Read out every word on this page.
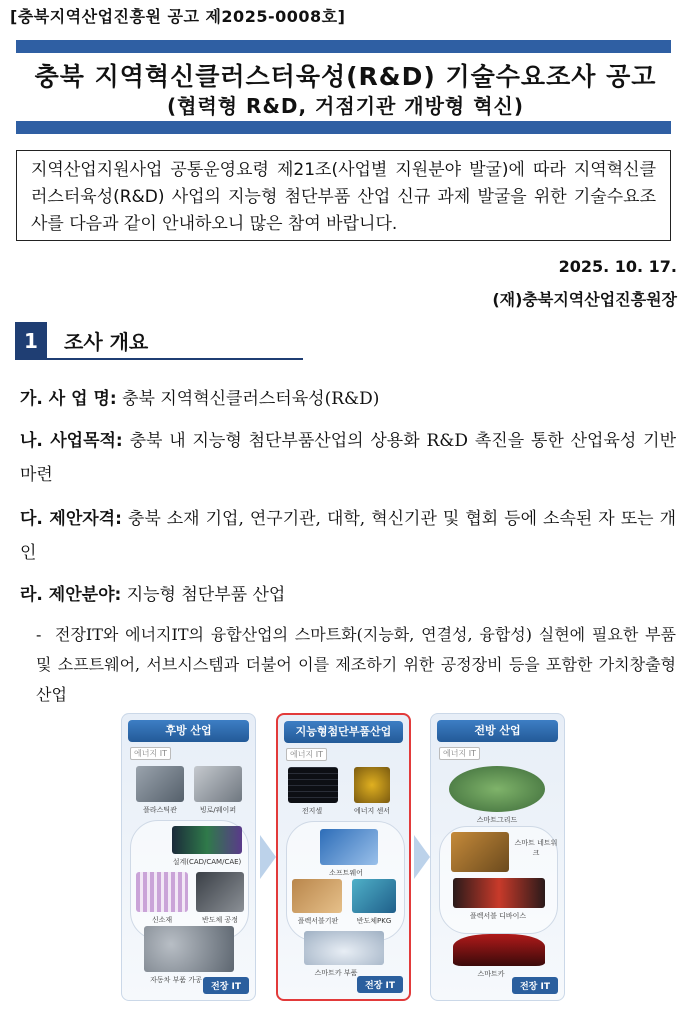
[충북지역산업진흥원 공고 제2025-0008호]
충북 지역혁신클러스터육성(R&D) 기술수요조사 공고
(협력형 R&D, 거점기관 개방형 혁신)
지역산업지원사업 공통운영요령 제21조(사업별 지원분야 발굴)에 따라 지역혁신클러스터육성(R&D) 사업의 지능형 첨단부품 산업 신규 과제 발굴을 위한 기술수요조사를 다음과 같이 안내하오니 많은 참여 바랍니다.
2025. 10. 17.
(재)충북지역산업진흥원장
1	조사 개요
가. 사 업 명: 충북 지역혁신클러스터육성(R&D)
나. 사업목적: 충북 내 지능형 첨단부품산업의 상용화 R&D 촉진을 통한 산업육성 기반 마련
다. 제안자격: 충북 소재 기업, 연구기관, 대학, 혁신기관 및 협회 등에 소속된 자 또는 개인
라. 제안분야: 지능형 첨단부품 산업
- 전장IT와 에너지IT의 융합산업의 스마트화(지능화, 연결성, 융합성) 실현에 필요한 부품 및 소프트웨어, 서브시스템과 더불어 이를 제조하기 위한 공정장비 등을 포함한 가치창출형 산업
후방 산업
에너지 IT
플라스틱관	빙로/웨이퍼
설계(CAD/CAM/CAE)
신소재	반도체 공정
자동차 부품 가공
전장 IT
지능형첨단부품산업
에너지 IT
전지셀	에너지 센서
소프트웨어
플렉서블기판	반도체PKG
스마트카 부품
전장 IT
전방 산업
에너지 IT
스마트그리드
스마트 네트워크
플렉서블 디바이스
스마트카
전장 IT
